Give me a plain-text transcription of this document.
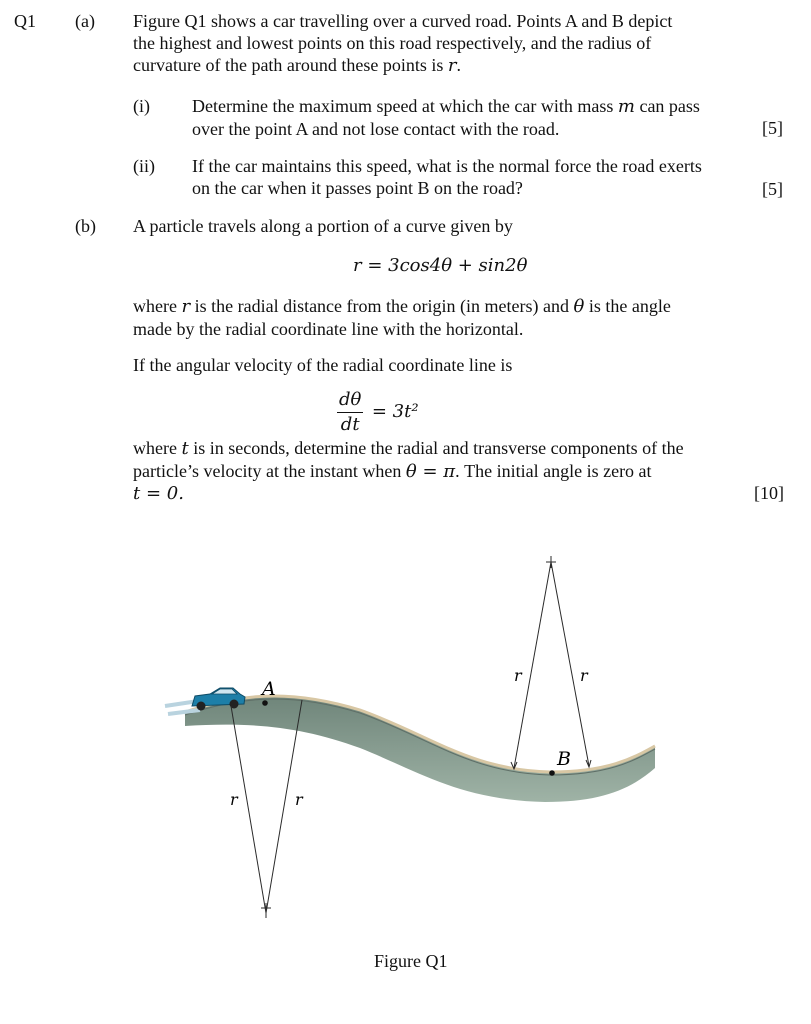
Q1 (a) Figure Q1 shows a car travelling over a curved road. Points A and B depict
the highest and lowest points on this road respectively, and the radius of
curvature of the path around these points is r.
(i) Determine the maximum speed at which the car with mass m can pass
over the point A and not lose contact with the road.	[5]
(ii) If the car maintains this speed, what is the normal force the road exerts
on the car when it passes point B on the road?	[5]
(b) A particle travels along a portion of a curve given by
r = 3cos4θ + sin2θ
where r is the radial distance from the origin (in meters) and θ is the angle
made by the radial coordinate line with the horizontal.
If the angular velocity of the radial coordinate line is
$\frac{d\theta}{dt} = 3t^2$
where t is in seconds, determine the radial and transverse components of the
particle’s velocity at the instant when θ = π. The initial angle is zero at
t = 0.	[10]
A
B
r	r
r	r
Figure Q1
